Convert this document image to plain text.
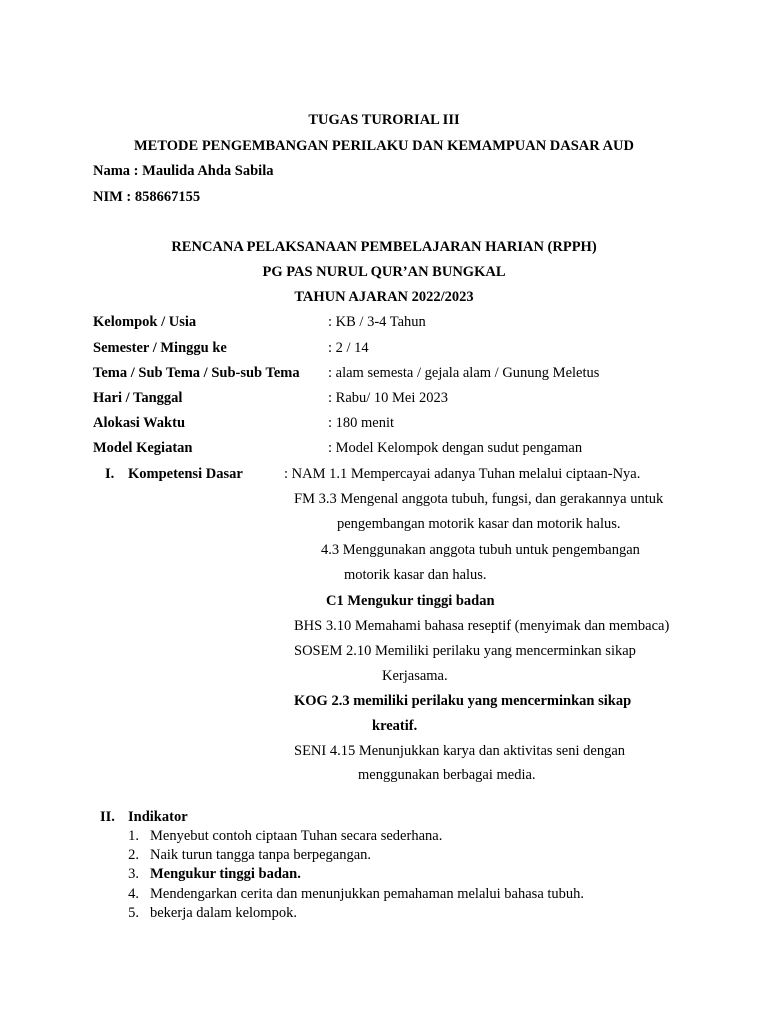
TUGAS TURORIAL III
METODE PENGEMBANGAN PERILAKU DAN KEMAMPUAN DASAR AUD
Nama : Maulida Ahda Sabila
NIM : 858667155
RENCANA PELAKSANAAN PEMBELAJARAN HARIAN (RPPH)
PG PAS NURUL QUR’AN BUNGKAL
TAHUN AJARAN 2022/2023
Kelompok / Usia	: KB / 3-4 Tahun
Semester / Minggu ke	: 2 / 14
Tema / Sub Tema / Sub-sub Tema : alam semesta / gejala alam / Gunung Meletus
Hari / Tanggal	: Rabu/ 10 Mei 2023
Alokasi Waktu	: 180 menit
Model Kegiatan	: Model Kelompok dengan sudut pengaman
I. Kompetensi Dasar	: NAM 1.1 Mempercayai adanya Tuhan melalui ciptaan-Nya.
FM 3.3 Mengenal anggota tubuh, fungsi, dan gerakannya untuk
pengembangan motorik kasar dan motorik halus.
4.3 Menggunakan anggota tubuh untuk pengembangan
motorik kasar dan halus.
C1 Mengukur tinggi badan
BHS 3.10 Memahami bahasa reseptif (menyimak dan membaca)
SOSEM 2.10 Memiliki perilaku yang mencerminkan sikap
Kerjasama.
KOG 2.3 memiliki perilaku yang mencerminkan sikap
kreatif.
SENI 4.15 Menunjukkan karya dan aktivitas seni dengan
menggunakan berbagai media.
II. Indikator
1. Menyebut contoh ciptaan Tuhan secara sederhana.
2. Naik turun tangga tanpa berpegangan.
3. Mengukur tinggi badan.
4. Mendengarkan cerita dan menunjukkan pemahaman melalui bahasa tubuh.
5. bekerja dalam kelompok.
